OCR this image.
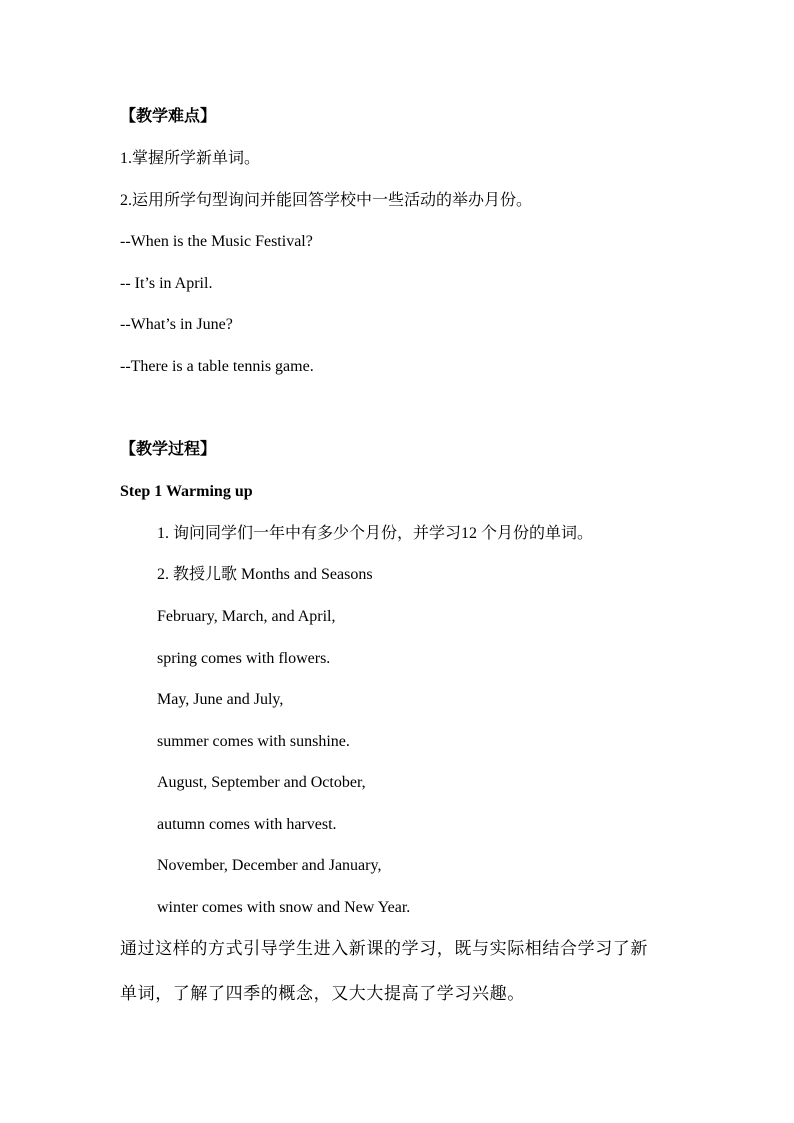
【教学难点】
1.掌握所学新单词。
2.运用所学句型询问并能回答学校中一些活动的举办月份。
--When is the Music Festival?
-- It’s in April.
--What’s in June?
--There is a table tennis game.
【教学过程】
Step 1 Warming up
1. 询问同学们一年中有多少个月份，并学习12 个月份的单词。
2. 教授儿歌 Months and Seasons
February, March, and April,
spring comes with flowers.
May, June and July,
summer comes with sunshine.
August, September and October,
autumn comes with harvest.
November, December and January,
winter comes with snow and New Year.
通过这样的方式引导学生进入新课的学习，既与实际相结合学习了新
单词，了解了四季的概念，又大大提高了学习兴趣。
